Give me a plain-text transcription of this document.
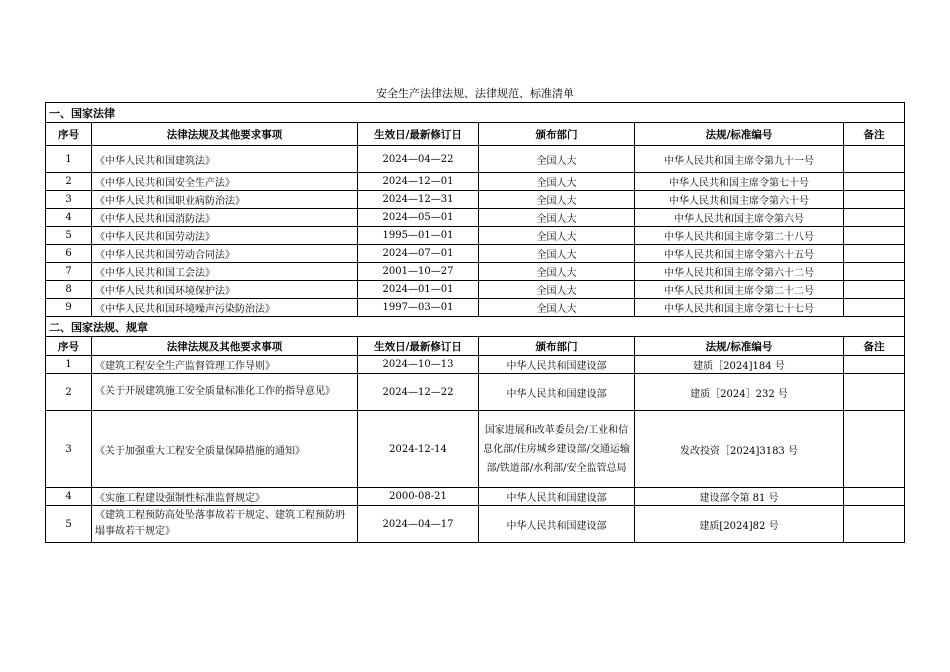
安全生产法律法规、法律规范、标准清单
一、国家法律					
序号	法律法规及其他要求事项	生效日/最新修订日	颁布部门	法规/标准编号	备注
1	《中华人民共和国建筑法》	2024—04—22	全国人大	中华人民共和国主席令第九十一号	
2	《中华人民共和国安全生产法》	2024—12—01	全国人大	中华人民共和国主席令第七十号	
3	《中华人民共和国职业病防治法》	2024—12—31	全国人大	中华人民共和国主席令第六十号	
4	《中华人民共和国消防法》	2024—05—01	全国人大	中华人民共和国主席令第六号	
5	《中华人民共和国劳动法》	1995—01—01	全国人大	中华人民共和国主席令第二十八号	
6	《中华人民共和国劳动合同法》	2024—07—01	全国人大	中华人民共和国主席令第六十五号	
7	《中华人民共和国工会法》	2001—10—27	全国人大	中华人民共和国主席令第六十二号	
8	《中华人民共和国环境保护法》	2024—01—01	全国人大	中华人民共和国主席令第二十二号	
9	《中华人民共和国环境噪声污染防治法》	1997—03—01	全国人大	中华人民共和国主席令第七十七号	
二、国家法规、规章					
序号	法律法规及其他要求事项	生效日/最新修订日	颁布部门	法规/标准编号	备注
1	《建筑工程安全生产监督管理工作导则》	2024—10—13	中华人民共和国建设部	建质［2024]184 号	
2	《关于开展建筑施工安全质量标准化工作的指导意见》	2024—12—22	中华人民共和国建设部	建质［2024］232 号	
3	《关于加强重大工程安全质量保障措施的通知》	2024-12-14	国家进展和改革委员会/工业和信息化部/住房城乡建设部/交通运输 部/铁道部/水利部/安全监管总局	发改投资［2024]3183 号	
4	《实施工程建设强制性标准监督规定》	2000-08-21	中华人民共和国建设部	建设部令第 81 号	
5	《建筑工程预防高处坠落事故若干规定、建筑工程预防坍塌事故若干规定》	2024—04—17	中华人民共和国建设部	建质[2024]82 号	
